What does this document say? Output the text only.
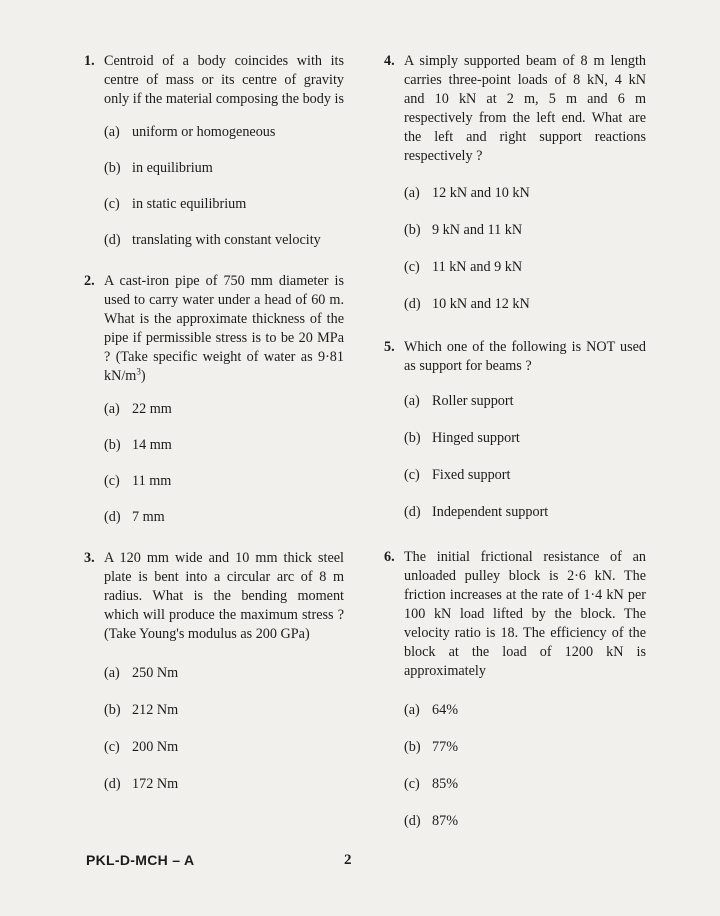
1. Centroid of a body coincides with its centre of mass or its centre of gravity only if the material composing the body is
(a) uniform or homogeneous
(b) in equilibrium
(c) in static equilibrium
(d) translating with constant velocity
2. A cast-iron pipe of 750 mm diameter is used to carry water under a head of 60 m. What is the approximate thickness of the pipe if permissible stress is to be 20 MPa ? (Take specific weight of water as 9·81 $kN/m^3$)
(a) 22 mm
(b) 14 mm
(c) 11 mm
(d) 7 mm
3. A 120 mm wide and 10 mm thick steel plate is bent into a circular arc of 8 m radius. What is the bending moment which will produce the maximum stress ? (Take Young's modulus as 200 GPa)
(a) 250 Nm
(b) 212 Nm
(c) 200 Nm
(d) 172 Nm
4. A simply supported beam of 8 m length carries three-point loads of 8 kN, 4 kN and 10 kN at 2 m, 5 m and 6 m respectively from the left end. What are the left and right support reactions respectively ?
(a) 12 kN and 10 kN
(b) 9 kN and 11 kN
(c) 11 kN and 9 kN
(d) 10 kN and 12 kN
5. Which one of the following is NOT used as support for beams ?
(a) Roller support
(b) Hinged support
(c) Fixed support
(d) Independent support
6. The initial frictional resistance of an unloaded pulley block is 2·6 kN. The friction increases at the rate of 1·4 kN per 100 kN load lifted by the block. The velocity ratio is 18. The efficiency of the block at the load of 1200 kN is approximately
(a) 64%
(b) 77%
(c) 85%
(d) 87%
PKL-D-MCH – A	2
